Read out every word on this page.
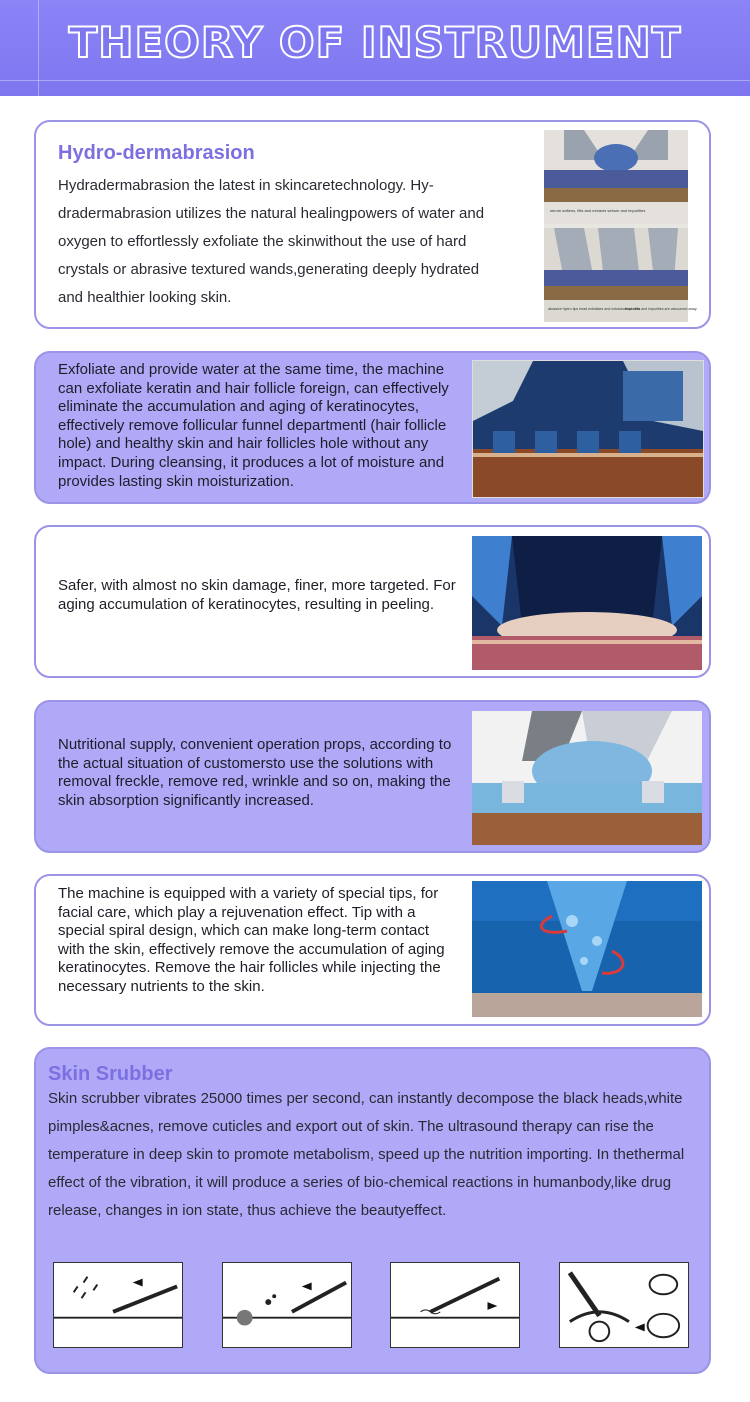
THEORY OF INSTRUMENT
Hydro-dermabrasion
Hydradermabrasion the latest in skincaretechnology. Hy-dradermabrasion utilizes the natural healingpowers of water and oxygen to effortlessly exfoliate the skinwithout the use of hard crystals or abrasive textured wands,generating deeply hydrated and healthier looking skin.
serum softens, lifts and extracts sebum and impurities
abrasive hydro tips head exfoliates and extracts impurities
dead cells and impurities are vacuumed away
Exfoliate and provide water at the same time, the machine can exfoliate keratin and hair follicle foreign, can effectively eliminate the accumulation and aging of keratinocytes, effectively remove follicular funnel departmentl (hair follicle hole) and healthy skin and hair follicles hole without any impact. During cleansing, it produces a lot of moisture and provides lasting skin moisturization.
Safer, with almost no skin damage, finer, more targeted. For aging accumulation of keratinocytes, resulting in peeling.
Nutritional supply, convenient operation props, according to the actual situation of customersto use the solutions with removal freckle, remove red, wrinkle and so on, making the skin absorption significantly increased.
The machine is equipped with a variety of special tips, for facial care, which play a rejuvenation effect. Tip with a special spiral design, which can make long-term contact with the skin, effectively remove the accumulation of aging keratinocytes. Remove the hair follicles while injecting the necessary nutrients to the skin.
Skin Srubber
Skin scrubber vibrates 25000 times per second, can instantly decompose the black heads,white pimples&acnes, remove cuticles and export out of skin. The ultrasound therapy can rise the temperature in deep skin to promote metabolism, speed up the nutrition importing. In thethermal effect of the vibration, it will produce a series of bio-chemical reactions in humanbody,like drug release, changes in ion state, thus achieve the beautyeffect.
